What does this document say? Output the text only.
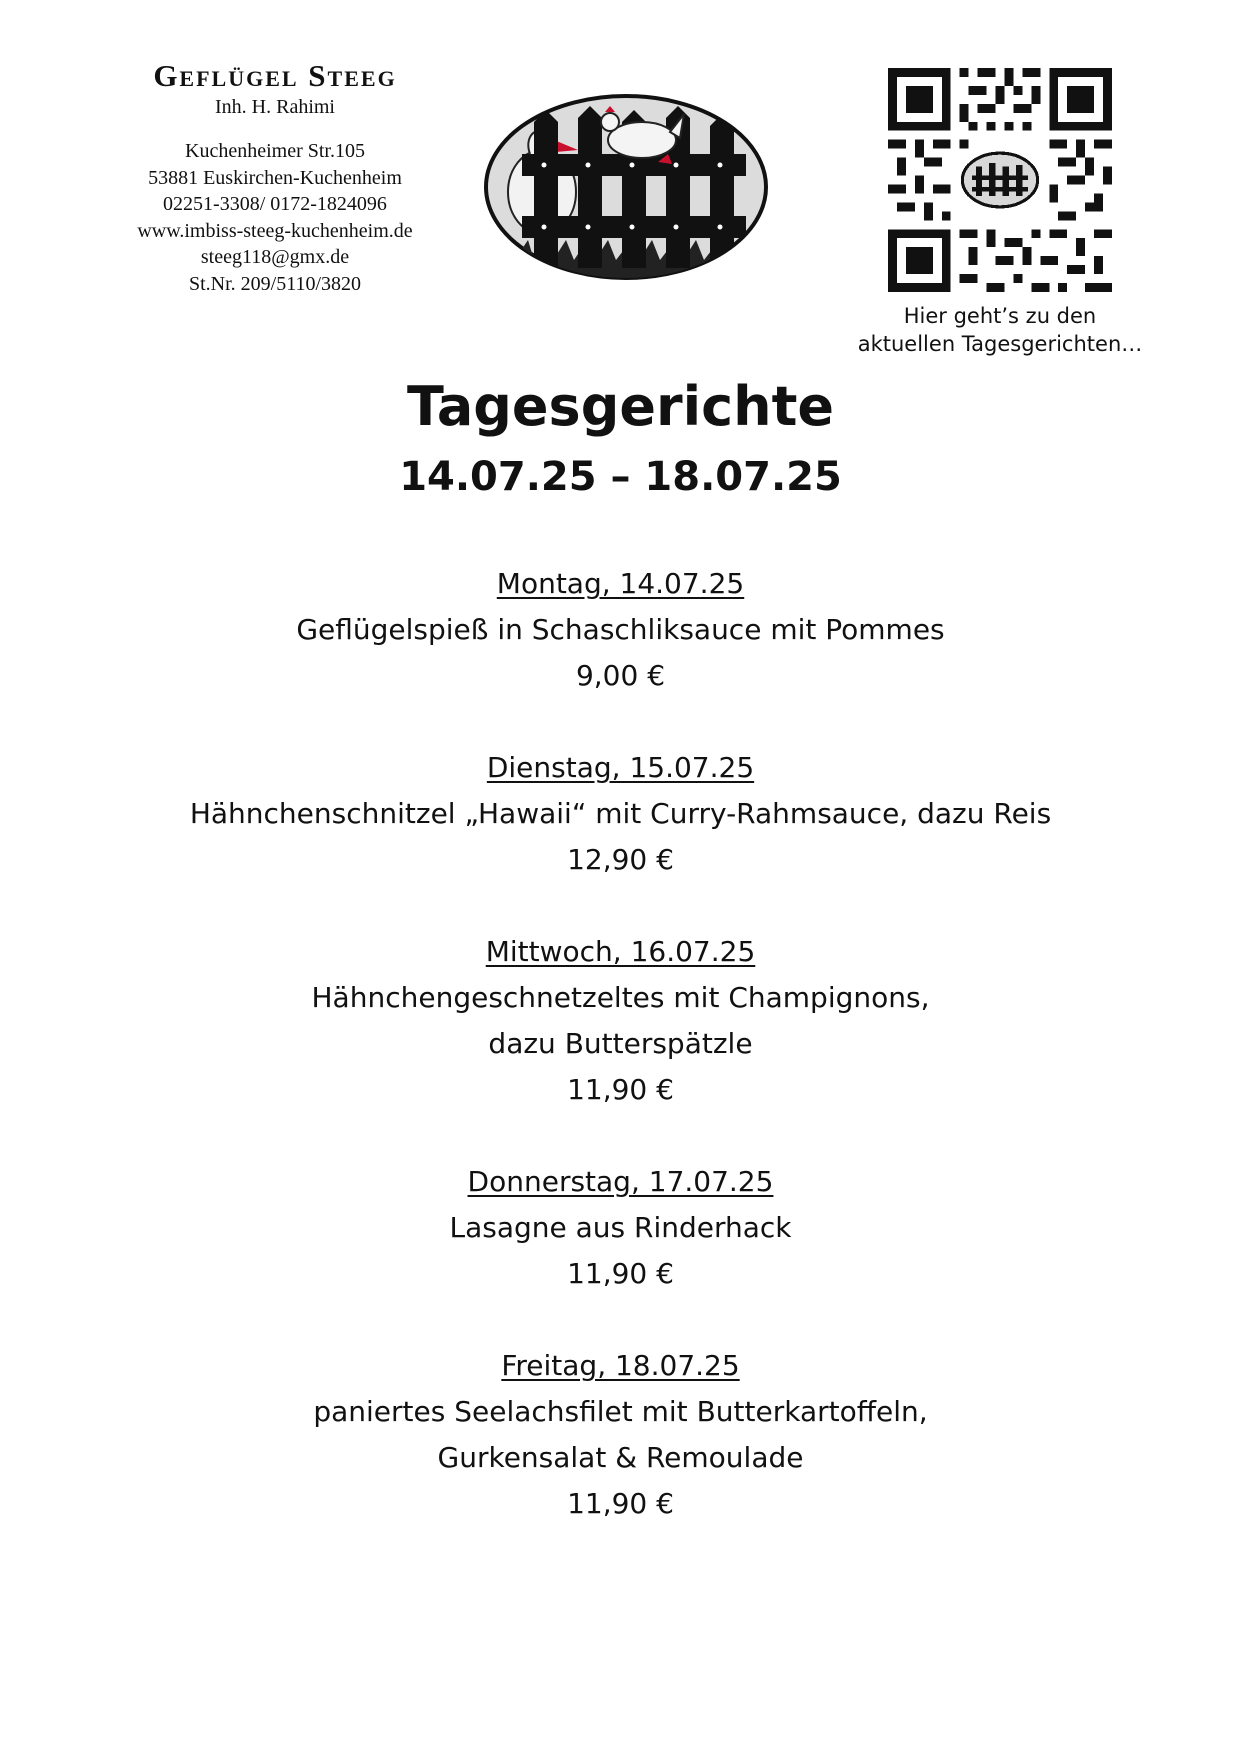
Geflügel Steeg
Inh. H. Rahimi
Kuchenheimer Str.105
53881 Euskirchen-Kuchenheim
02251-3308/ 0172-1824096
www.imbiss-steeg-kuchenheim.de
steeg118@gmx.de
St.Nr. 209/5110/3820
Hier geht’s zu den
aktuellen Tagesgerichten…
Tagesgerichte
14.07.25 – 18.07.25
Montag, 14.07.25
Geflügelspieß in Schaschliksauce mit Pommes
9,00 €
Dienstag, 15.07.25
Hähnchenschnitzel „Hawaii“ mit Curry-Rahmsauce, dazu Reis
12,90 €
Mittwoch, 16.07.25
Hähnchengeschnetzeltes mit Champignons,
dazu Butterspätzle
11,90 €
Donnerstag, 17.07.25
Lasagne aus Rinderhack
11,90 €
Freitag, 18.07.25
paniertes Seelachsfilet mit Butterkartoffeln,
Gurkensalat & Remoulade
11,90 €
